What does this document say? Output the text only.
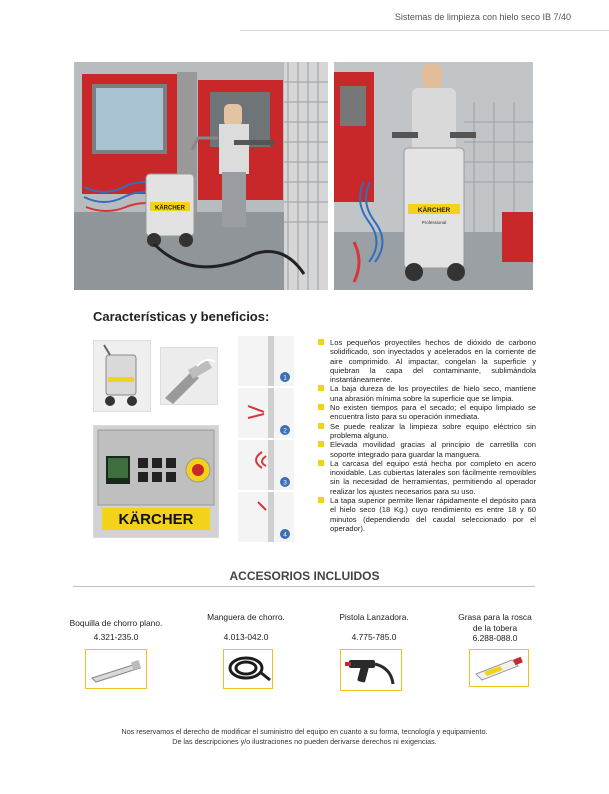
Sistemas de limpieza con hielo seco IB 7/40
KÄRCHER	KÄRCHER
Professional
Características y beneficios:
KÄRCHER
1
2
3
4
Los pequeños proyectiles hechos de dióxido de carbono solidificado, son inyectados y acelerados en la corriente de aire comprimido. Al impactar, congelan la superficie y quiebran la capa del contaminante, sublimándola instantáneamente.
La baja dureza de los proyectiles de hielo seco, mantiene una abrasión mínima sobre la superficie que se limpia.
No existen tiempos para el secado; el equipo limpiado se encuentra listo para su operación inmediata.
Se puede realizar la limpieza sobre equipo eléctrico sin problema alguno.
Elevada movilidad gracias al principio de carretilla con soporte integrado para guardar la manguera.
La carcasa del equipo está hecha por completo en acero inoxidable. Las cubiertas laterales son fácilmente removibles sin la necesidad de herramientas, permitiendo al operador realizar los ajustes necesarios para su uso.
La tapa superior permite llenar rápidamente el depósito para el hielo seco (18 Kg.) cuyo rendimiento es entre 18 y 60 minutos (dependiendo del caudal seleccionado por el operador).
ACCESORIOS INCLUIDOS
Boquilla de chorro plano.
4.321-235.0
Manguera de chorro.
4.013-042.0
Pistola Lanzadora.
4.775-785.0
Grasa para la rosca
de la tobera
6.288-088.0
Nos reservamos el derecho de modificar el suministro del equipo en cuanto a su forma, tecnología y equipamiento.
De las descripciones y/o ilustraciones no pueden derivarse derechos ni exigencias.
